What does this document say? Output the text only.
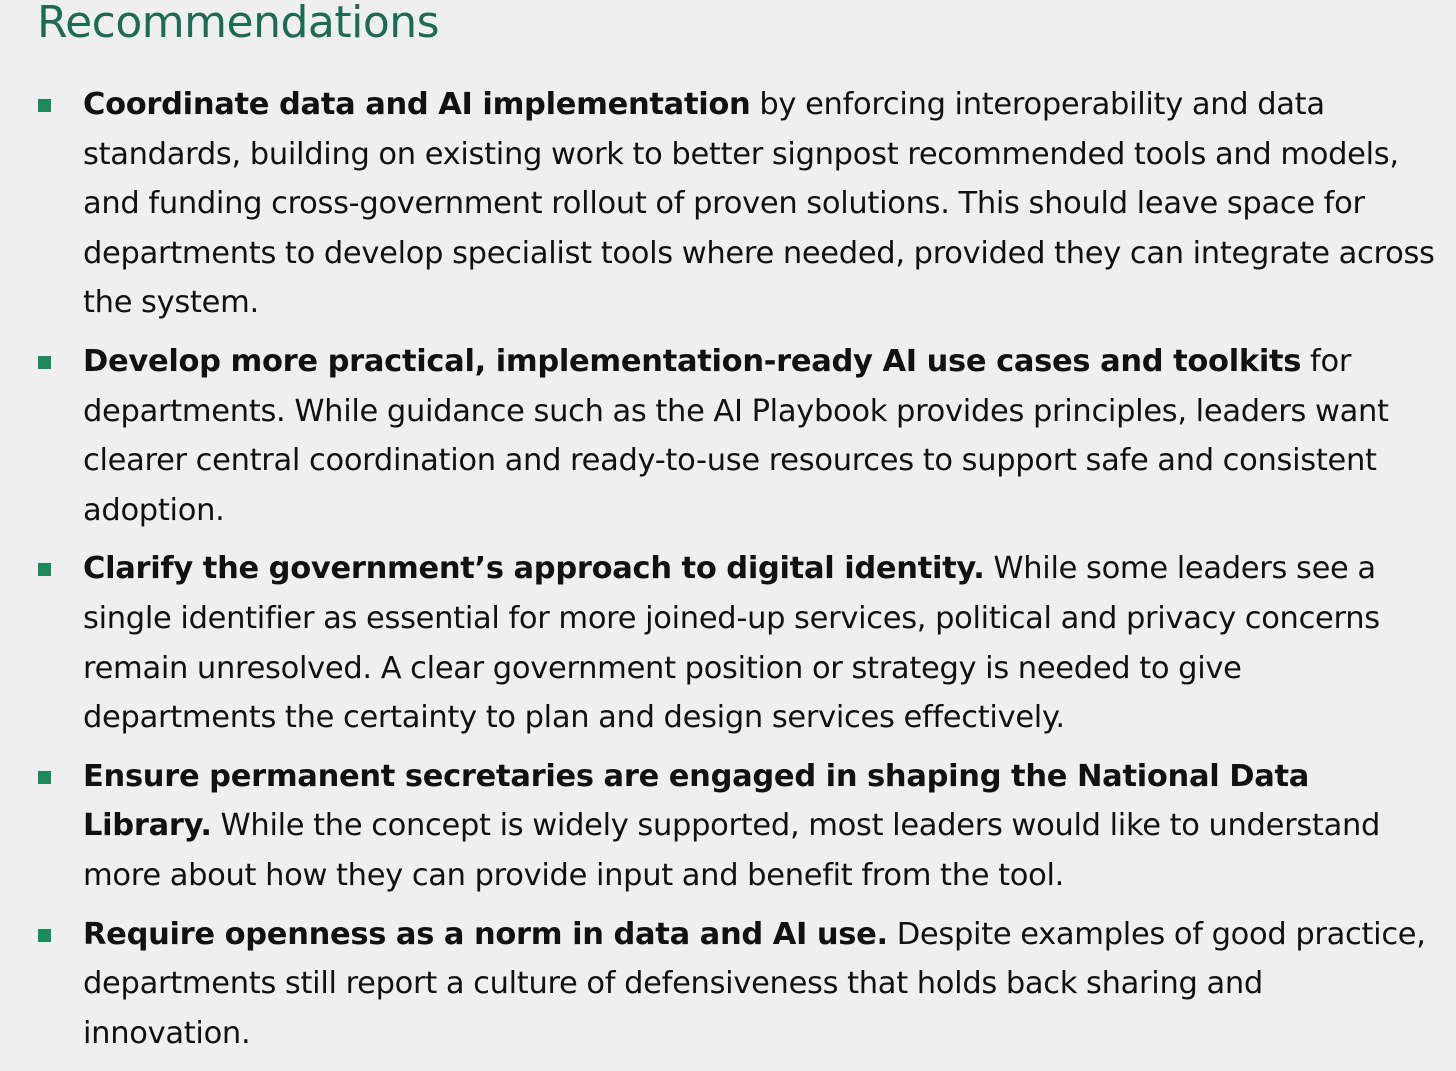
Recommendations
Coordinate data and AI implementation by enforcing interoperability and data standards, building on existing work to better signpost recommended tools and models, and funding cross-government rollout of proven solutions. This should leave space for departments to develop specialist tools where needed, provided they can integrate across the system.
Develop more practical, implementation-ready AI use cases and toolkits for departments. While guidance such as the AI Playbook provides principles, leaders want clearer central coordination and ready-to-use resources to support safe and consistent adoption.
Clarify the government’s approach to digital identity. While some leaders see a single identifier as essential for more joined-up services, political and privacy concerns remain unresolved. A clear government position or strategy is needed to give departments the certainty to plan and design services effectively.
Ensure permanent secretaries are engaged in shaping the National Data Library. While the concept is widely supported, most leaders would like to understand more about how they can provide input and benefit from the tool.
Require openness as a norm in data and AI use. Despite examples of good practice, departments still report a culture of defensiveness that holds back sharing and innovation.
